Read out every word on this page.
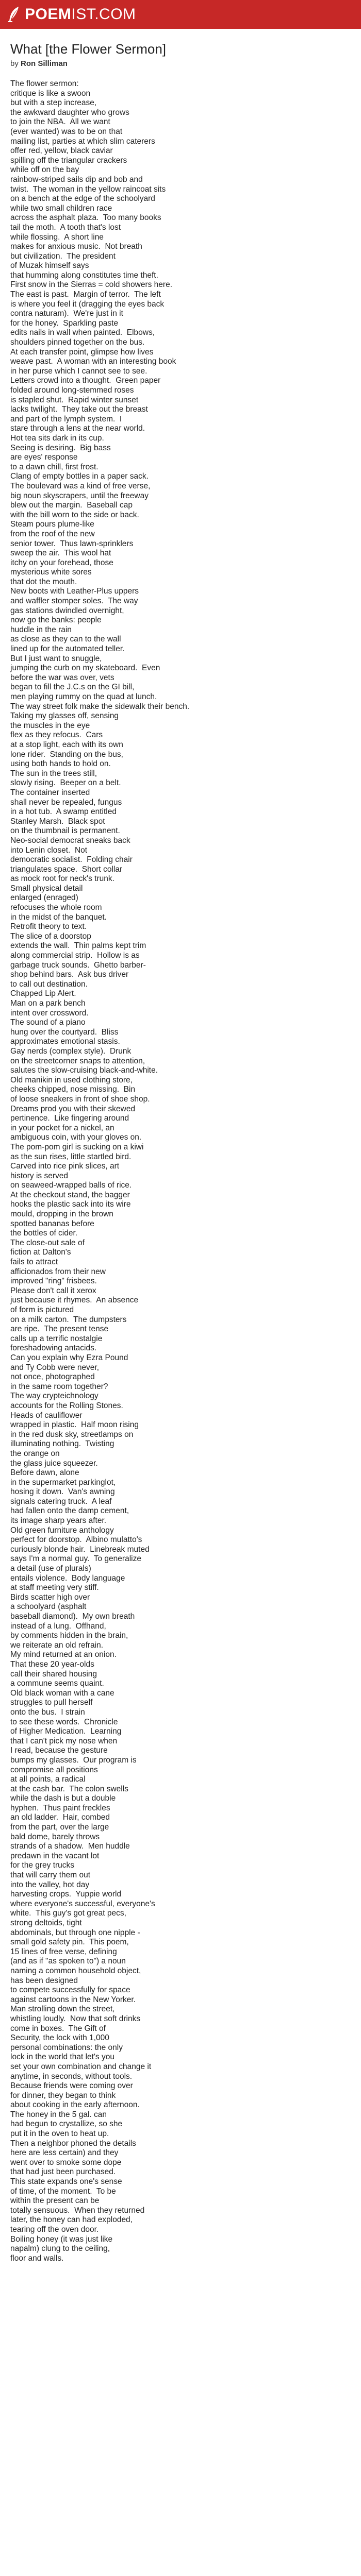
POEMIST.COM
What [the Flower Sermon]
by Ron Silliman
The flower sermon:
critique is like a swoon
but with a step increase,
the awkward daughter who grows
to join the NBA.  All we want
(ever wanted) was to be on that
mailing list, parties at which slim caterers
offer red, yellow, black caviar
spilling off the triangular crackers
while off on the bay
rainbow-striped sails dip and bob and
twist.  The woman in the yellow raincoat sits
on a bench at the edge of the schoolyard
while two small children race
across the asphalt plaza.  Too many books
tail the moth.  A tooth that's lost
while flossing.  A short line
makes for anxious music.  Not breath
but civilization.  The president
of Muzak himself says
that humming along constitutes time theft.
First snow in the Sierras = cold showers here.
The east is past.  Margin of terror.  The left
is where you feel it (dragging the eyes back
contra naturam).  We're just in it
for the honey.  Sparkling paste
edits nails in wall when painted.  Elbows,
shoulders pinned together on the bus.
At each transfer point, glimpse how lives
weave past.  A woman with an interesting book
in her purse which I cannot see to see.
Letters crowd into a thought.  Green paper
folded around long-stemmed roses
is stapled shut.  Rapid winter sunset
lacks twilight.  They take out the breast
and part of the lymph system.  I
stare through a lens at the near world.
Hot tea sits dark in its cup.
Seeing is desiring.  Big bass
are eyes' response
to a dawn chill, first frost.
Clang of empty bottles in a paper sack.
The boulevard was a kind of free verse,
big noun skyscrapers, until the freeway
blew out the margin.  Baseball cap
with the bill worn to the side or back.
Steam pours plume-like
from the roof of the new
senior tower.  Thus lawn-sprinklers
sweep the air.  This wool hat
itchy on your forehead, those
mysterious white sores
that dot the mouth.
New boots with Leather-Plus uppers
and waffler stomper soles.  The way
gas stations dwindled overnight,
now go the banks: people
huddle in the rain
as close as they can to the wall
lined up for the automated teller.
But I just want to snuggle,
jumping the curb on my skateboard.  Even
before the war was over, vets
began to fill the J.C.s on the GI bill,
men playing rummy on the quad at lunch.
The way street folk make the sidewalk their bench.
Taking my glasses off, sensing
the muscles in the eye
flex as they refocus.  Cars
at a stop light, each with its own
lone rider.  Standing on the bus,
using both hands to hold on.
The sun in the trees still,
slowly rising.  Beeper on a belt.
The container inserted
shall never be repealed, fungus
in a hot tub.  A swamp entitled
Stanley Marsh.  Black spot
on the thumbnail is permanent.
Neo-social democrat sneaks back
into Lenin closet.  Not
democratic socialist.  Folding chair
triangulates space.  Short collar
as mock root for neck's trunk.
Small physical detail
enlarged (enraged)
refocuses the whole room
in the midst of the banquet.
Retrofit theory to text.
The slice of a doorstop
extends the wall.  Thin palms kept trim
along commercial strip.  Hollow is as
garbage truck sounds.  Ghetto barber-
shop behind bars.  Ask bus driver
to call out destination.
Chapped Lip Alert.
Man on a park bench
intent over crossword.
The sound of a piano
hung over the courtyard.  Bliss
approximates emotional stasis.
Gay nerds (complex style).  Drunk
on the streetcorner snaps to attention,
salutes the slow-cruising black-and-white.
Old manikin in used clothing store,
cheeks chipped, nose missing.  Bin
of loose sneakers in front of shoe shop.
Dreams prod you with their skewed
pertinence.  Like fingering around
in your pocket for a nickel, an
ambiguous coin, with your gloves on.
The pom-pom girl is sucking on a kiwi
as the sun rises, little startled bird.
Carved into rice pink slices, art
history is served
on seaweed-wrapped balls of rice.
At the checkout stand, the bagger
hooks the plastic sack into its wire
mould, dropping in the brown
spotted bananas before
the bottles of cider.
The close-out sale of
fiction at Dalton's
fails to attract
afficionados from their new
improved "ring" frisbees.
Please don't call it xerox
just because it rhymes.  An absence
of form is pictured
on a milk carton.  The dumpsters
are ripe.  The present tense
calls up a terrific nostalgie
foreshadowing antacids.
Can you explain why Ezra Pound
and Ty Cobb were never,
not once, photographed
in the same room together?
The way crypteichnology
accounts for the Rolling Stones.
Heads of cauliflower
wrapped in plastic.  Half moon rising
in the red dusk sky, streetlamps on
illuminating nothing.  Twisting
the orange on
the glass juice squeezer.
Before dawn, alone
in the supermarket parkinglot,
hosing it down.  Van's awning
signals catering truck.  A leaf
had fallen onto the damp cement,
its image sharp years after.
Old green furniture anthology
perfect for doorstop.  Albino mulatto's
curiously blonde hair.  Linebreak muted
says I'm a normal guy.  To generalize
a detail (use of plurals)
entails violence.  Body language
at staff meeting very stiff.
Birds scatter high over
a schoolyard (asphalt
baseball diamond).  My own breath
instead of a lung.  Offhand,
by comments hidden in the brain,
we reiterate an old refrain.
My mind returned at an onion.
That these 20 year-olds
call their shared housing
a commune seems quaint.
Old black woman with a cane
struggles to pull herself
onto the bus.  I strain
to see these words.  Chronicle
of Higher Medication.  Learning
that I can't pick my nose when
I read, because the gesture
bumps my glasses.  Our program is
compromise all positions
at all points, a radical
at the cash bar.  The colon swells
while the dash is but a double
hyphen.  Thus paint freckles
an old ladder.  Hair, combed
from the part, over the large
bald dome, barely throws
strands of a shadow.  Men huddle
predawn in the vacant lot
for the grey trucks
that will carry them out
into the valley, hot day
harvesting crops.  Yuppie world
where everyone's successful, everyone's
white.  This guy's got great pecs,
strong deltoids, tight
abdominals, but through one nipple -
small gold safety pin.  This poem,
15 lines of free verse, defining
(and as if "as spoken to") a noun
naming a common household object,
has been designed
to compete successfully for space
against cartoons in the New Yorker.
Man strolling down the street,
whistling loudly.  Now that soft drinks
come in boxes.  The Gift of
Security, the lock with 1,000
personal combinations: the only
lock in the world that let's you
set your own combination and change it
anytime, in seconds, without tools.
Because friends were coming over
for dinner, they began to think
about cooking in the early afternoon.
The honey in the 5 gal. can
had begun to crystallize, so she
put it in the oven to heat up.
Then a neighbor phoned the details
here are less certain) and they
went over to smoke some dope
that had just been purchased.
This state expands one's sense
of time, of the moment.  To be
within the present can be
totally sensuous.  When they returned
later, the honey can had exploded,
tearing off the oven door.
Boiling honey (it was just like
napalm) clung to the ceiling,
floor and walls.
